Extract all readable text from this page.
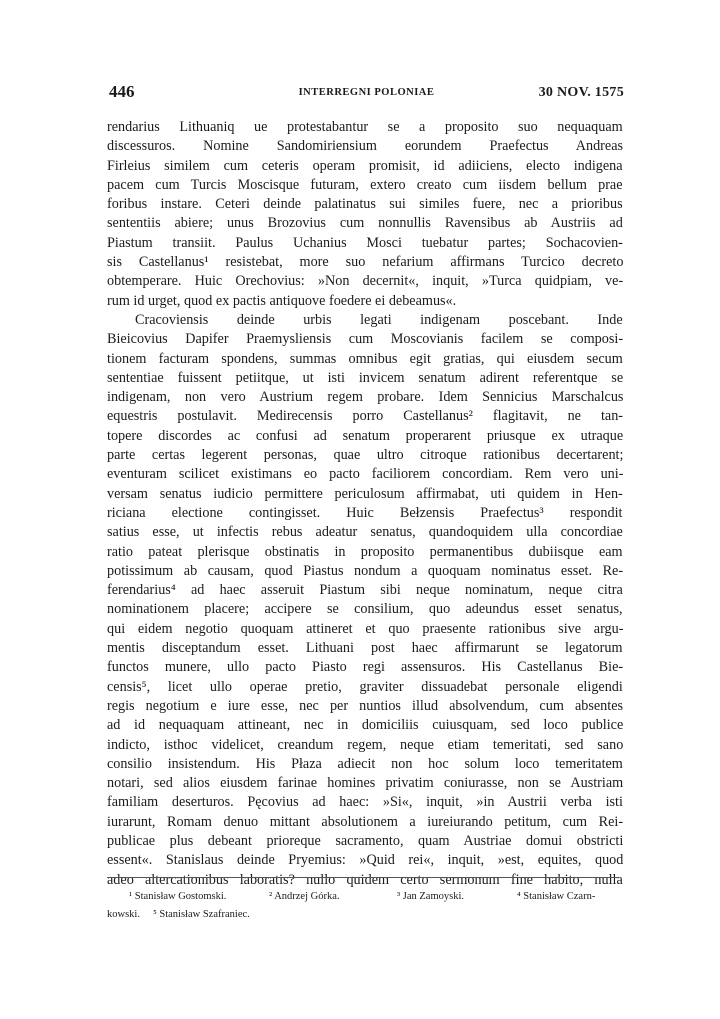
446	INTERREGNI POLONIAE	30 NOV. 1575
rendarius Lithuaniq ue protestabantur se a proposito suo nequaquam
discessuros. Nomine Sandomiriensium eorundem Praefectus Andreas
Firleius similem cum ceteris operam promisit, id adiiciens, electo indigena
pacem cum Turcis Moscisque futuram, extero creato cum iisdem bellum prae
foribus instare. Ceteri deinde palatinatus sui similes fuere, nec a prioribus
sententiis abiere; unus Brozovius cum nonnullis Ravensibus ab Austriis ad
Piastum transiit. Paulus Uchanius Mosci tuebatur partes; Sochacovien-
sis Castellanus¹ resistebat, more suo nefarium affirmans Turcico decreto
obtemperare. Huic Orechovius: »Non decernit«, inquit, »Turca quidpiam, ve-
rum id urget, quod ex pactis antiquove foedere ei debeamus«.
Cracoviensis deinde urbis legati indigenam poscebant. Inde
Bieicovius Dapifer Praemysliensis cum Moscovianis facilem se composi-
tionem facturam spondens, summas omnibus egit gratias, qui eiusdem secum
sententiae fuissent petiitque, ut isti invicem senatum adirent referentque se
indigenam, non vero Austrium regem probare. Idem Sennicius Marschalcus
equestris postulavit. Medirecensis porro Castellanus² flagitavit, ne tan-
topere discordes ac confusi ad senatum properarent priusque ex utraque
parte certas legerent personas, quae ultro citroque rationibus decertarent;
eventuram scilicet existimans eo pacto faciliorem concordiam. Rem vero uni-
versam senatus iudicio permittere periculosum affirmabat, uti quidem in Hen-
riciana electione contingisset. Huic Bełzensis Praefectus³ respondit
satius esse, ut infectis rebus adeatur senatus, quandoquidem ulla concordiae
ratio pateat plerisque obstinatis in proposito permanentibus dubiisque eam
potissimum ab causam, quod Piastus nondum a quoquam nominatus esset. Re-
ferendarius⁴ ad haec asseruit Piastum sibi neque nominatum, neque citra
nominationem placere; accipere se consilium, quo adeundus esset senatus,
qui eidem negotio quoquam attineret et quo praesente rationibus sive argu-
mentis disceptandum esset. Lithuani post haec affirmarunt se legatorum
functos munere, ullo pacto Piasto regi assensuros. His Castellanus Bie-
censis⁵, licet ullo operae pretio, graviter dissuadebat personale eligendi
regis negotium e iure esse, nec per nuntios illud absolvendum, cum absentes
ad id nequaquam attineant, nec in domiciliis cuiusquam, sed loco publice
indicto, isthoc videlicet, creandum regem, neque etiam temeritati, sed sano
consilio insistendum. His Płaza adiecit non hoc solum loco temeritatem
notari, sed alios eiusdem farinae homines privatim coniurasse, non se Austriam
familiam deserturos. Pęcovius ad haec: »Si«, inquit, »in Austrii verba isti
iurarunt, Romam denuo mittant absolutionem a iureiurando petitum, cum Rei-
publicae plus debeant prioreque sacramento, quam Austriae domui obstricti
essent«. Stanislaus deinde Pryemius: »Quid rei«, inquit, »est, equites, quod
adeo altercationibus laboratis? nullo quidem certo sermonum fine habito, nulla
¹ Stanisław Gostomski.	² Andrzej Górka.	³ Jan Zamoyski.	⁴ Stanisław Czarn-
kowski. ⁵ Stanisław Szafraniec.
